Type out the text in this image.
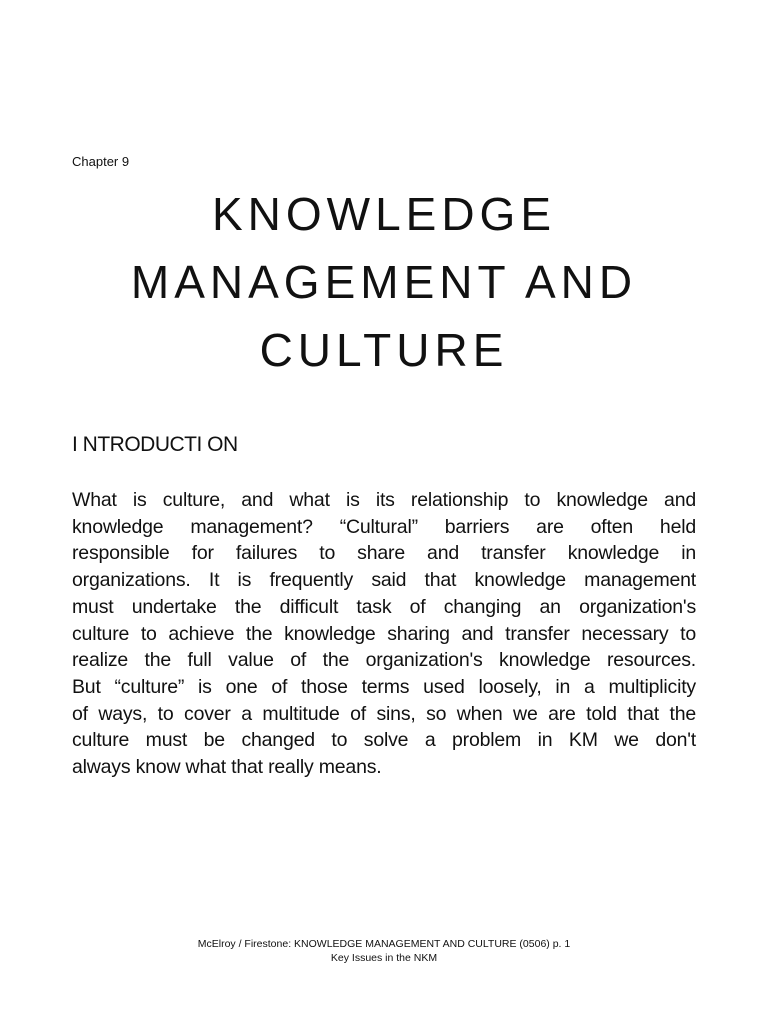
Chapter 9
KNOWLEDGE
MANAGEMENT AND
CULTURE
I NTRODUCTI ON

What is culture, and what is its relationship to knowledge and
knowledge management? “Cultural” barriers are often held
responsible for failures to share and transfer knowledge in
organizations. It is frequently said that knowledge management
must undertake the difficult task of changing an organization's
culture to achieve the knowledge sharing and transfer necessary to
realize the full value of the organization's knowledge resources.
But “culture” is one of those terms used loosely, in a multiplicity
of ways, to cover a multitude of sins, so when we are told that the
culture must be changed to solve a problem in KM we don't
always know what that really means.

McElroy / Firestone: KNOWLEDGE MANAGEMENT AND CULTURE (0506) p. 1
Key Issues in the NKM
